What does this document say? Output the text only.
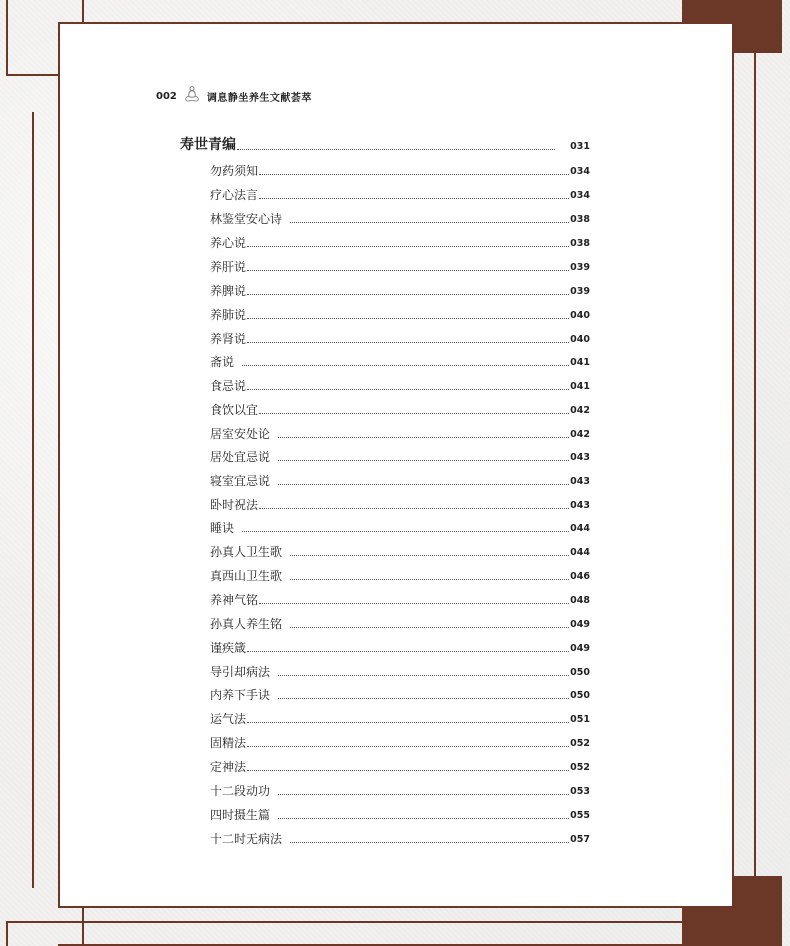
002	调息静坐养生文献荟萃
寿世青编	031
勿药须知	034
疗心法言	034
林鉴堂安心诗	038
养心说	038
养肝说	039
养脾说	039
养肺说	040
养肾说	040
斋说	041
食忌说	041
食饮以宜	042
居室安处论	042
居处宜忌说	043
寝室宜忌说	043
卧时祝法	043
睡诀	044
孙真人卫生歌	044
真西山卫生歌	046
养神气铭	048
孙真人养生铭	049
谨疾箴	049
导引却病法	050
内养下手诀	050
运气法	051
固精法	052
定神法	052
十二段动功	053
四时摄生篇	055
十二时无病法	057
